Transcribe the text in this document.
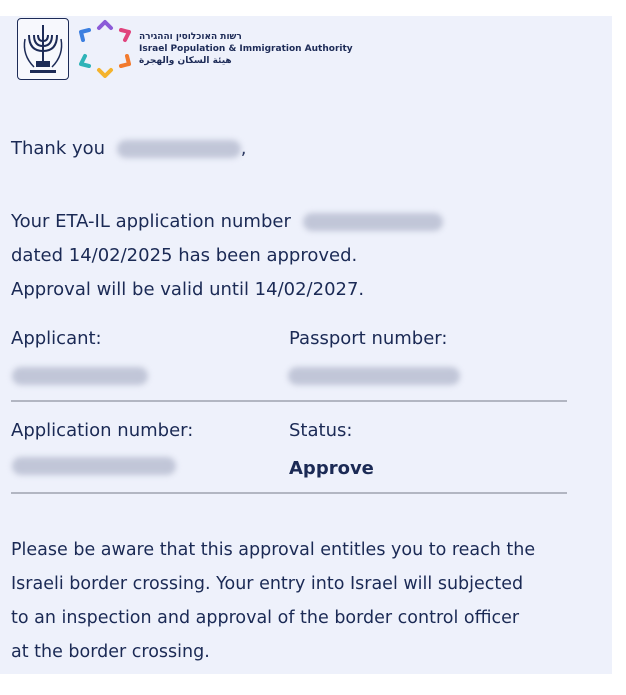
רשות האוכלוסין וההגירה
Israel Population & Immigration Authority
هيئة السكان والهجرة
Thank you	,
Your ETA-IL application number
dated 14/02/2025 has been approved.
Approval will be valid until 14/02/2027.
Applicant:	Passport number:
Application number:	Status:
Approve
Please be aware that this approval entitles you to reach the
Israeli border crossing. Your entry into Israel will subjected
to an inspection and approval of the border control officer
at the border crossing.
